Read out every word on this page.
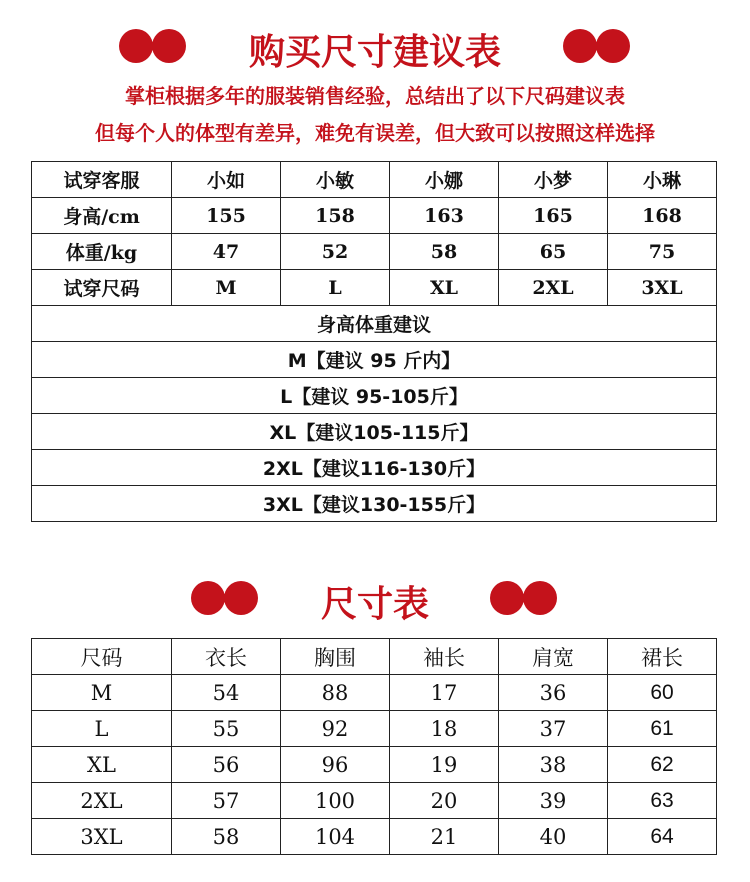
购买尺寸建议表
掌柜根据多年的服装销售经验，总结出了以下尺码建议表
但每个人的体型有差异，难免有误差，但大致可以按照这样选择
试穿客服	小如	小敏	小娜	小梦	小琳
身高/cm	155	158	163	165	168
体重/kg	47	52	58	65	75
试穿尺码	M	L	XL	2XL	3XL
身高体重建议					
M【建议 95 斤内】					
L【建议 95-105斤】					
XL【建议105-115斤】					
2XL【建议116-130斤】					
3XL【建议130-155斤】					
尺寸表
尺码	衣长	胸围	袖长	肩宽	裙长
M	54	88	17	36	60
L	55	92	18	37	61
XL	56	96	19	38	62
2XL	57	100	20	39	63
3XL	58	104	21	40	64
